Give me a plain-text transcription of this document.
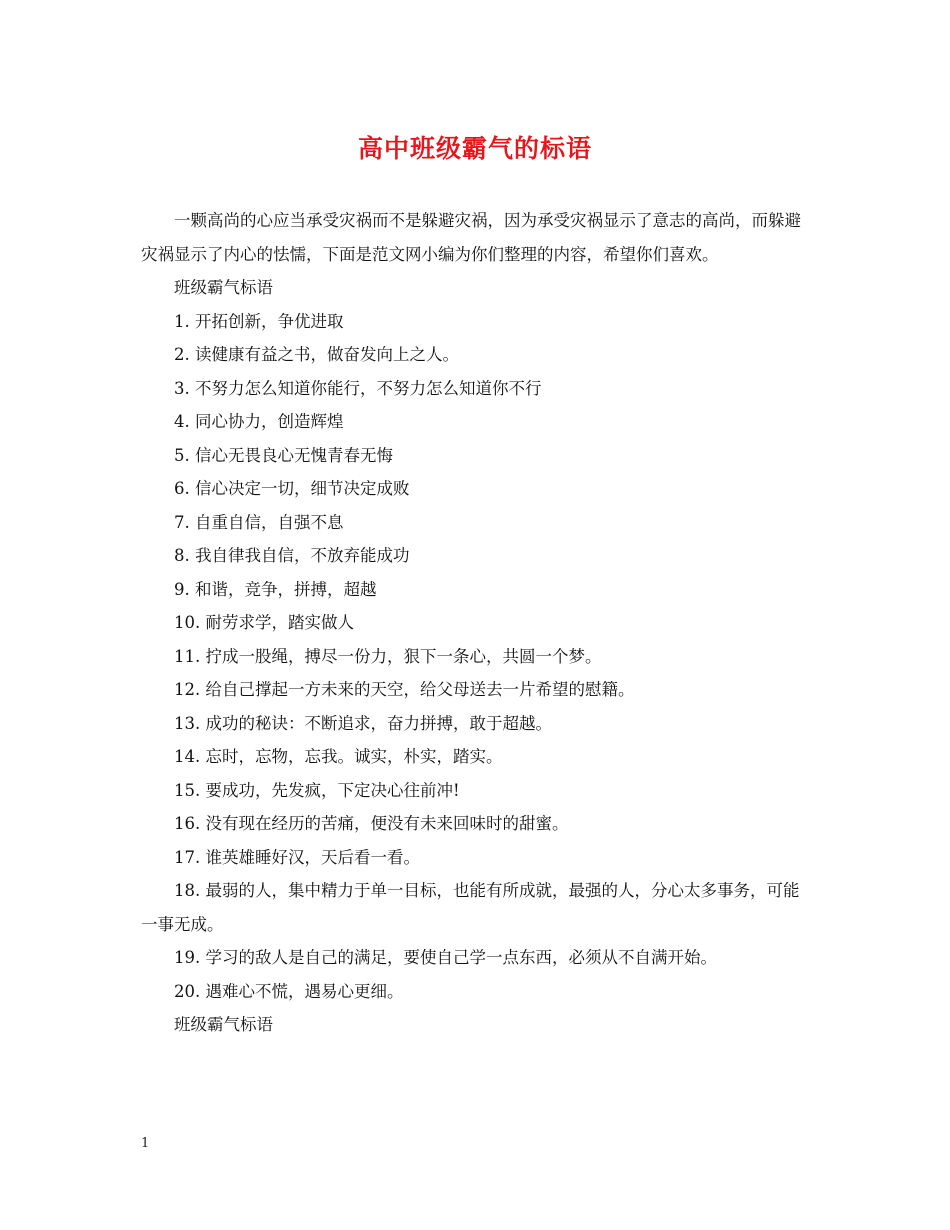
高中班级霸气的标语

一颗高尚的心应当承受灾祸而不是躲避灾祸，因为承受灾祸显示了意志的高尚，而躲避灾祸显示了内心的怯懦，下面是范文网小编为你们整理的内容，希望你们喜欢。

班级霸气标语

1. 开拓创新，争优进取

2. 读健康有益之书，做奋发向上之人。

3. 不努力怎么知道你能行，不努力怎么知道你不行

4. 同心协力，创造辉煌

5. 信心无畏良心无愧青春无悔

6. 信心决定一切，细节决定成败

7. 自重自信，自强不息

8. 我自律我自信，不放弃能成功

9. 和谐，竞争，拼搏，超越

10. 耐劳求学，踏实做人

11. 拧成一股绳，搏尽一份力，狠下一条心，共圆一个梦。

12. 给自己撑起一方未来的天空，给父母送去一片希望的慰籍。

13. 成功的秘诀：不断追求，奋力拼搏，敢于超越。

14. 忘时，忘物，忘我。诚实，朴实，踏实。

15. 要成功，先发疯，下定决心往前冲!

16. 没有现在经历的苦痛，便没有未来回味时的甜蜜。

17. 谁英雄睡好汉，天后看一看。

18. 最弱的人，集中精力于单一目标，也能有所成就，最强的人，分心太多事务，可能一事无成。

19. 学习的敌人是自己的满足，要使自己学一点东西，必须从不自满开始。

20. 遇难心不慌，遇易心更细。

班级霸气标语

1
